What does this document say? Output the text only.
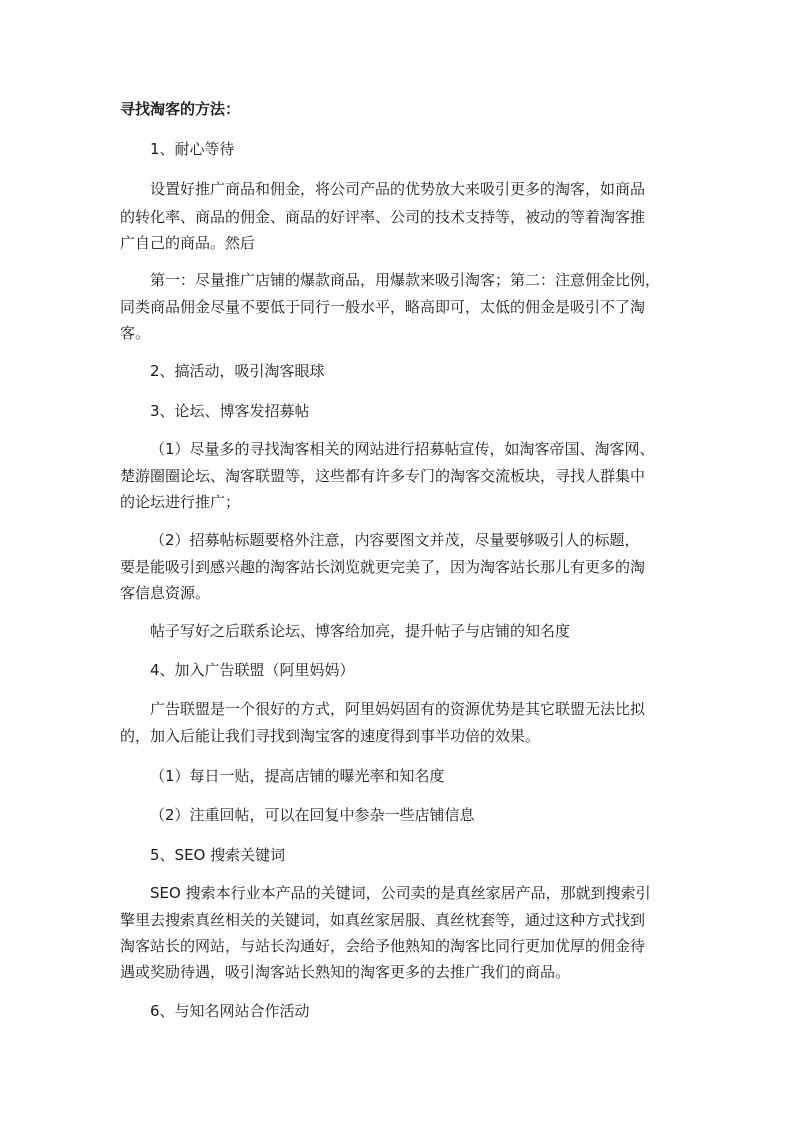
寻找淘客的方法：

1、耐心等待

设置好推广商品和佣金，将公司产品的优势放大来吸引更多的淘客，如商品

的转化率、商品的佣金、商品的好评率、公司的技术支持等，被动的等着淘客推

广自己的商品。然后

第一：尽量推广店铺的爆款商品，用爆款来吸引淘客；第二：注意佣金比例，

同类商品佣金尽量不要低于同行一般水平，略高即可，太低的佣金是吸引不了淘

客。

2、搞活动，吸引淘客眼球

3、论坛、博客发招募帖

（1）尽量多的寻找淘客相关的网站进行招募帖宣传，如淘客帝国、淘客网、

楚游圈圈论坛、淘客联盟等，这些都有许多专门的淘客交流板块，寻找人群集中

的论坛进行推广；

（2）招募帖标题要格外注意，内容要图文并茂，尽量要够吸引人的标题，

要是能吸引到感兴趣的淘客站长浏览就更完美了，因为淘客站长那儿有更多的淘

客信息资源。

帖子写好之后联系论坛、博客给加亮，提升帖子与店铺的知名度

4、加入广告联盟（阿里妈妈）

广告联盟是一个很好的方式，阿里妈妈固有的资源优势是其它联盟无法比拟

的，加入后能让我们寻找到淘宝客的速度得到事半功倍的效果。

（1）每日一贴，提高店铺的曝光率和知名度

（2）注重回帖，可以在回复中参杂一些店铺信息

5、SEO 搜索关键词

SEO 搜索本行业本产品的关键词，公司卖的是真丝家居产品，那就到搜索引

擎里去搜索真丝相关的关键词，如真丝家居服、真丝枕套等，通过这种方式找到

淘客站长的网站，与站长沟通好，会给予他熟知的淘客比同行更加优厚的佣金待

遇或奖励待遇，吸引淘客站长熟知的淘客更多的去推广我们的商品。

6、与知名网站合作活动
